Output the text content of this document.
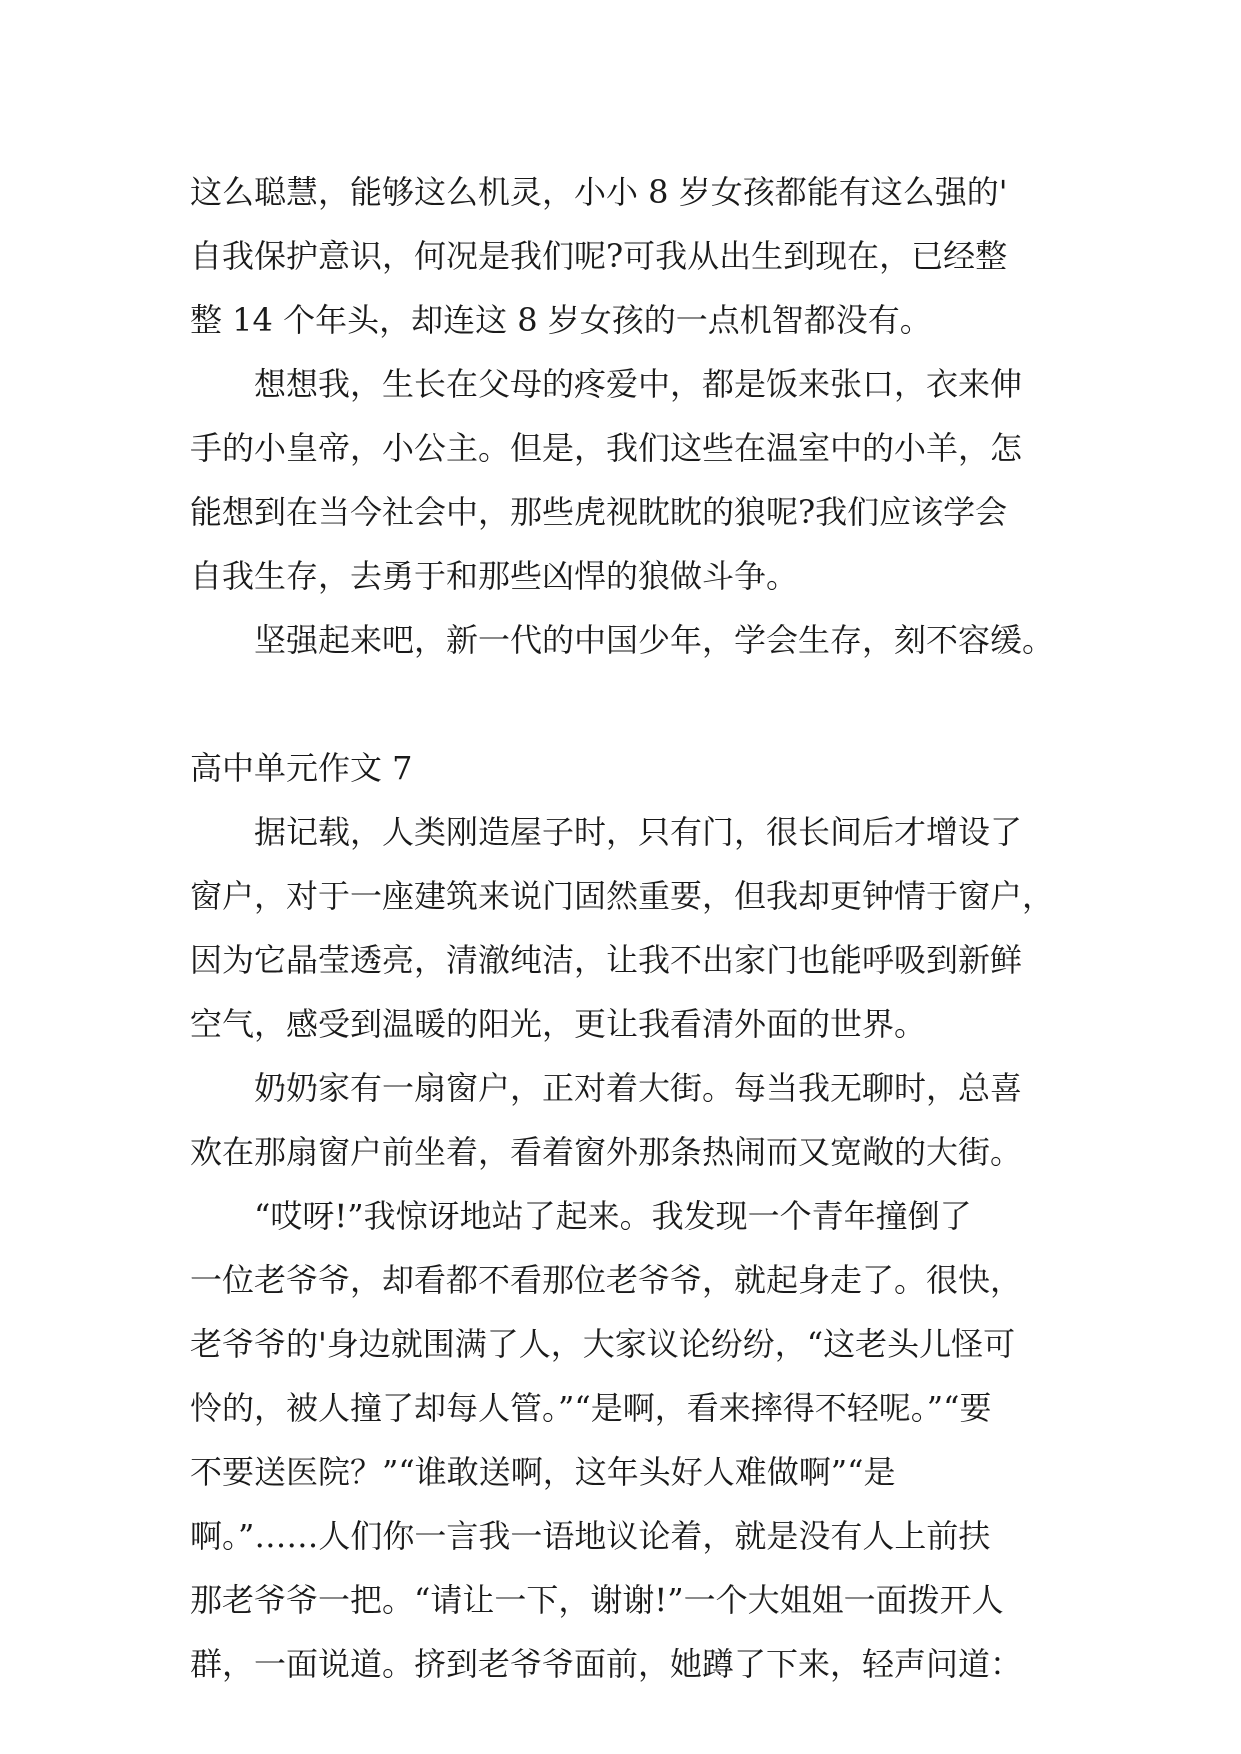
这么聪慧，能够这么机灵，小小 8 岁女孩都能有这么强的'
自我保护意识，何况是我们呢?可我从出生到现在，已经整
整 14 个年头，却连这 8 岁女孩的一点机智都没有。
想想我，生长在父母的疼爱中，都是饭来张口，衣来伸
手的小皇帝，小公主。但是，我们这些在温室中的小羊，怎
能想到在当今社会中，那些虎视眈眈的狼呢?我们应该学会
自我生存，去勇于和那些凶悍的狼做斗争。
坚强起来吧，新一代的中国少年，学会生存，刻不容缓。
高中单元作文 7
据记载，人类刚造屋子时，只有门，很长间后才增设了
窗户，对于一座建筑来说门固然重要，但我却更钟情于窗户，
因为它晶莹透亮，清澈纯洁，让我不出家门也能呼吸到新鲜
空气，感受到温暖的阳光，更让我看清外面的世界。
奶奶家有一扇窗户，正对着大街。每当我无聊时，总喜
欢在那扇窗户前坐着，看着窗外那条热闹而又宽敞的大街。
“哎呀!”我惊讶地站了起来。我发现一个青年撞倒了
一位老爷爷，却看都不看那位老爷爷，就起身走了。很快，
老爷爷的'身边就围满了人，大家议论纷纷，“这老头儿怪可
怜的，被人撞了却每人管。”“是啊，看来摔得不轻呢。”“要
不要送医院？”“谁敢送啊，这年头好人难做啊”“是
啊。”……人们你一言我一语地议论着，就是没有人上前扶
那老爷爷一把。“请让一下，谢谢!”一个大姐姐一面拨开人
群，一面说道。挤到老爷爷面前，她蹲了下来，轻声问道：
